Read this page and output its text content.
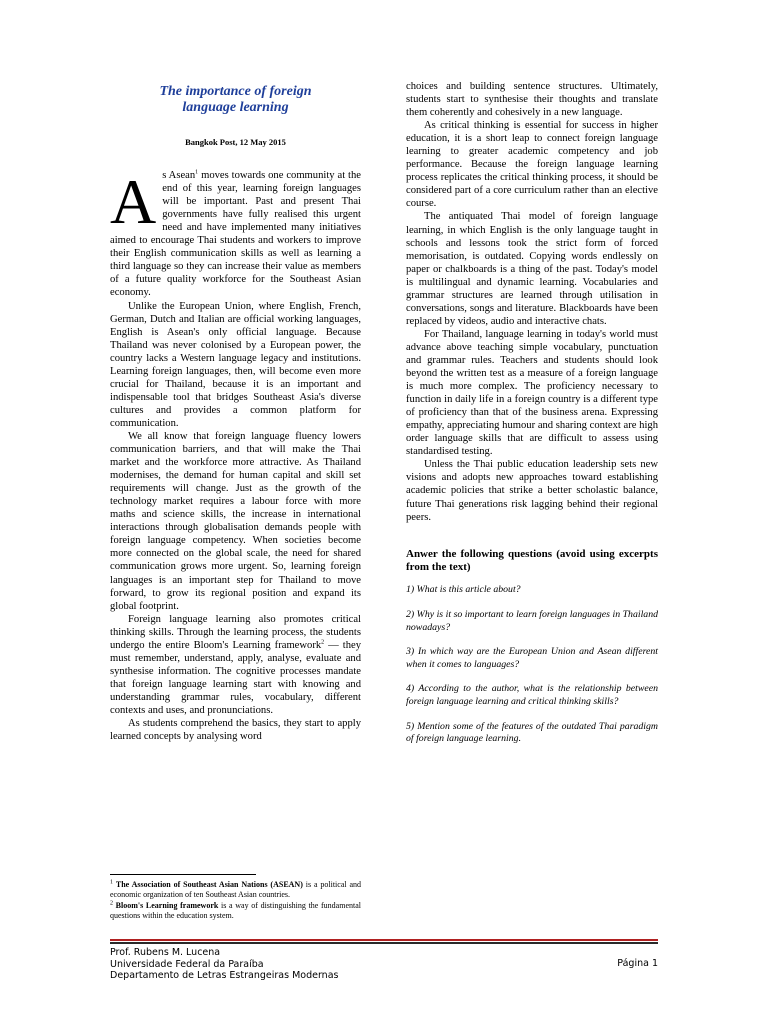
The importance of foreign
language learning

Bangkok Post, 12 May 2015

As Asean$^1$ moves towards one community at the end of this year, learning foreign languages will be important. Past and present Thai governments have fully realised this urgent need and have implemented many initiatives aimed to encourage Thai students and workers to improve their English communication skills as well as learning a third language so they can increase their value as members of a future quality workforce for the Southeast Asian economy.

Unlike the European Union, where English, French, German, Dutch and Italian are official working languages, English is Asean's only official language. Because Thailand was never colonised by a European power, the country lacks a Western language legacy and institutions. Learning foreign languages, then, will become even more crucial for Thailand, because it is an important and indispensable tool that bridges Southeast Asia's diverse cultures and provides a common platform for communication.

We all know that foreign language fluency lowers communication barriers, and that will make the Thai market and the workforce more attractive. As Thailand modernises, the demand for human capital and skill set requirements will change. Just as the growth of the technology market requires a labour force with more maths and science skills, the increase in international interactions through globalisation demands people with foreign language competency. When societies become more connected on the global scale, the need for shared communication grows more urgent. So, learning foreign languages is an important step for Thailand to move forward, to grow its regional position and expand its global footprint.

Foreign language learning also promotes critical thinking skills. Through the learning process, the students undergo the entire Bloom's Learning framework$^2$ — they must remember, understand, apply, analyse, evaluate and synthesise information. The cognitive processes mandate that foreign language learning start with knowing and understanding grammar rules, vocabulary, different contexts and uses, and pronunciations.

As students comprehend the basics, they start to apply learned concepts by analysing word

choices and building sentence structures. Ultimately, students start to synthesise their thoughts and translate them coherently and cohesively in a new language.

As critical thinking is essential for success in higher education, it is a short leap to connect foreign language learning to greater academic competency and job performance. Because the foreign language learning process replicates the critical thinking process, it should be considered part of a core curriculum rather than an elective course.

The antiquated Thai model of foreign language learning, in which English is the only language taught in schools and lessons took the strict form of forced memorisation, is outdated. Copying words endlessly on paper or chalkboards is a thing of the past. Today's model is multilingual and dynamic learning. Vocabularies and grammar structures are learned through utilisation in conversations, songs and literature. Blackboards have been replaced by videos, audio and interactive chats.

For Thailand, language learning in today's world must advance above teaching simple vocabulary, punctuation and grammar rules. Teachers and students should look beyond the written test as a measure of a foreign language is much more complex. The proficiency necessary to function in daily life in a foreign country is a different type of proficiency than that of the business arena. Expressing empathy, appreciating humour and sharing context are high order language skills that are difficult to assess using standardised testing.

Unless the Thai public education leadership sets new visions and adopts new approaches toward establishing academic policies that strike a better scholastic balance, future Thai generations risk lagging behind their regional peers.

Anwer the following questions (avoid using excerpts from the text)

1) What is this article about?

2) Why is it so important to learn foreign languages in Thailand nowadays?

3) In which way are the European Union and Asean different when it comes to languages?

4) According to the author, what is the relationship between foreign language learning and critical thinking skills?

5) Mention some of the features of the outdated Thai paradigm of foreign language learning.

$^1$ The Association of Southeast Asian Nations (ASEAN) is a political and economic organization of ten Southeast Asian countries.

$^2$ Bloom's Learning framework is a way of distinguishing the fundamental questions within the education system.

Prof. Rubens M. Lucena
Universidade Federal da Paraíba
Departamento de Letras Estrangeiras Modernas
Página 1
